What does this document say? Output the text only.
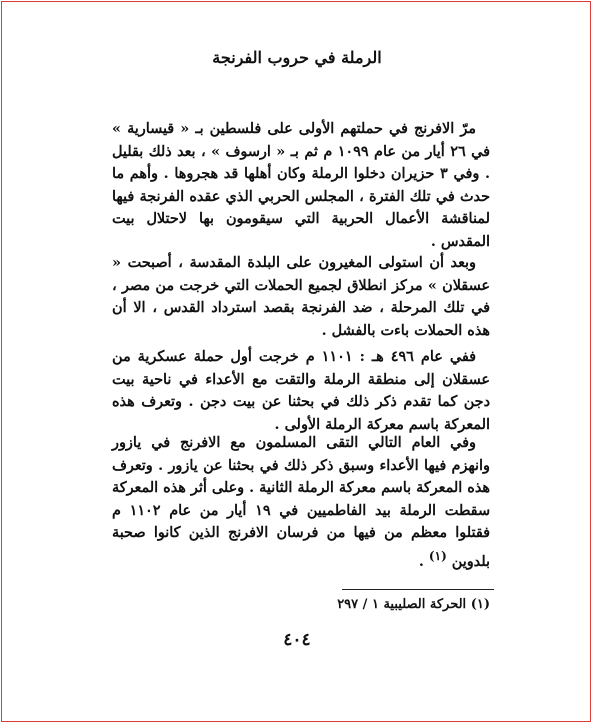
الرملة في حروب الفرنجة
مرّ الافرنج في حملتهم الأولى على فلسطين بـ « قيسارية » في ٢٦ أيار من عام ١٠٩٩ م ثم بـ « ارسوف » ، بعد ذلك بقليل . وفي ٣ حزيران دخلوا الرملة وكان أهلها قد هجروها . وأهم ما حدث في تلك الفترة ، المجلس الحربي الذي عقده الفرنجة فيها لمناقشة الأعمال الحربية التي سيقومون بها لاحتلال بيت المقدس .
وبعد أن استولى المغيرون على البلدة المقدسة ، أصبحت « عسقلان » مركز انطلاق لجميع الحملات التي خرجت من مصر ، في تلك المرحلة ، ضد الفرنجة بقصد استرداد القدس ، الا أن هذه الحملات باءت بالفشل .
ففي عام ٤٩٦ هـ : ١١٠١ م خرجت أول حملة عسكرية من عسقلان إلى منطقة الرملة والتقت مع الأعداء في ناحية بيت دجن كما تقدم ذكر ذلك في بحثنا عن بيت دجن . وتعرف هذه المعركة باسم معركة الرملة الأولى .
وفي العام التالي التقى المسلمون مع الافرنج في يازور وانهزم فيها الأعداء وسبق ذكر ذلك في بحثنا عن يازور . وتعرف هذه المعركة باسم معركة الرملة الثانية . وعلى أثر هذه المعركة سقطت الرملة بيد الفاطميين في ١٩ أيار من عام ١١٠٢ م فقتلوا معظم من فيها من فرسان الافرنج الذين كانوا صحبة بلدوين $^{(١)}$ .
(١) الحركة الصليبية ١ / ٢٩٧
٤٠٤
